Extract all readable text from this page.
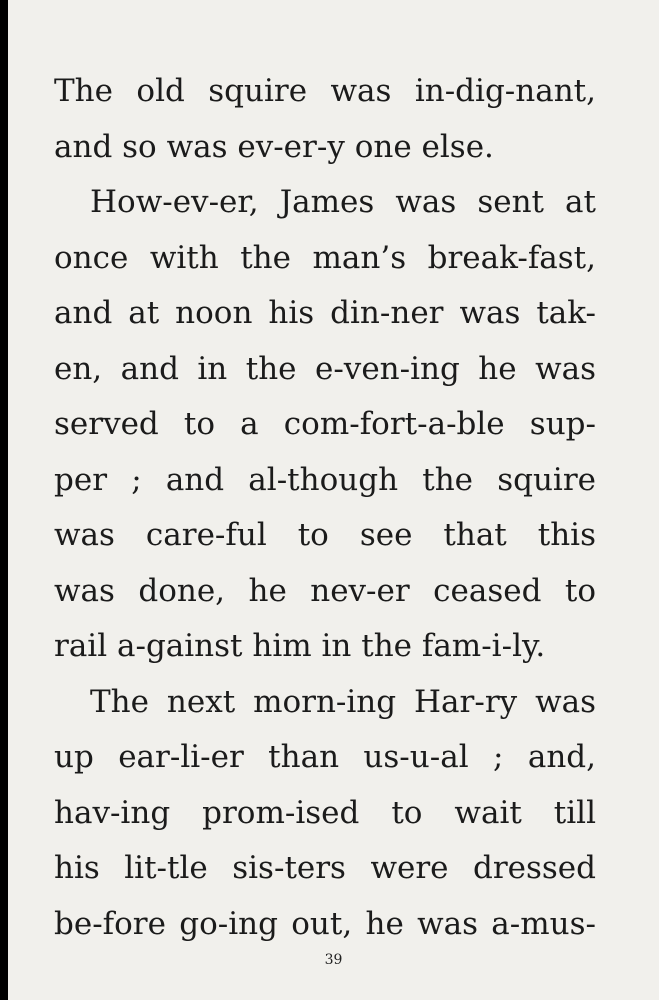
The old squire was in-dig-nant,
and so was ev-er-y one else.
How-ev-er, James was sent at
once with the man’s break-fast,
and at noon his din-ner was tak-
en, and in the e-ven-ing he was
served to a com-fort-a-ble sup-
per ; and al-though the squire
was care-ful to see that this
was done, he nev-er ceased to
rail a-gainst him in the fam-i-ly.
The next morn-ing Har-ry was
up ear-li-er than us-u-al ; and,
hav-ing prom-ised to wait till
his lit-tle sis-ters were dressed
be-fore go-ing out, he was a-mus-
39
